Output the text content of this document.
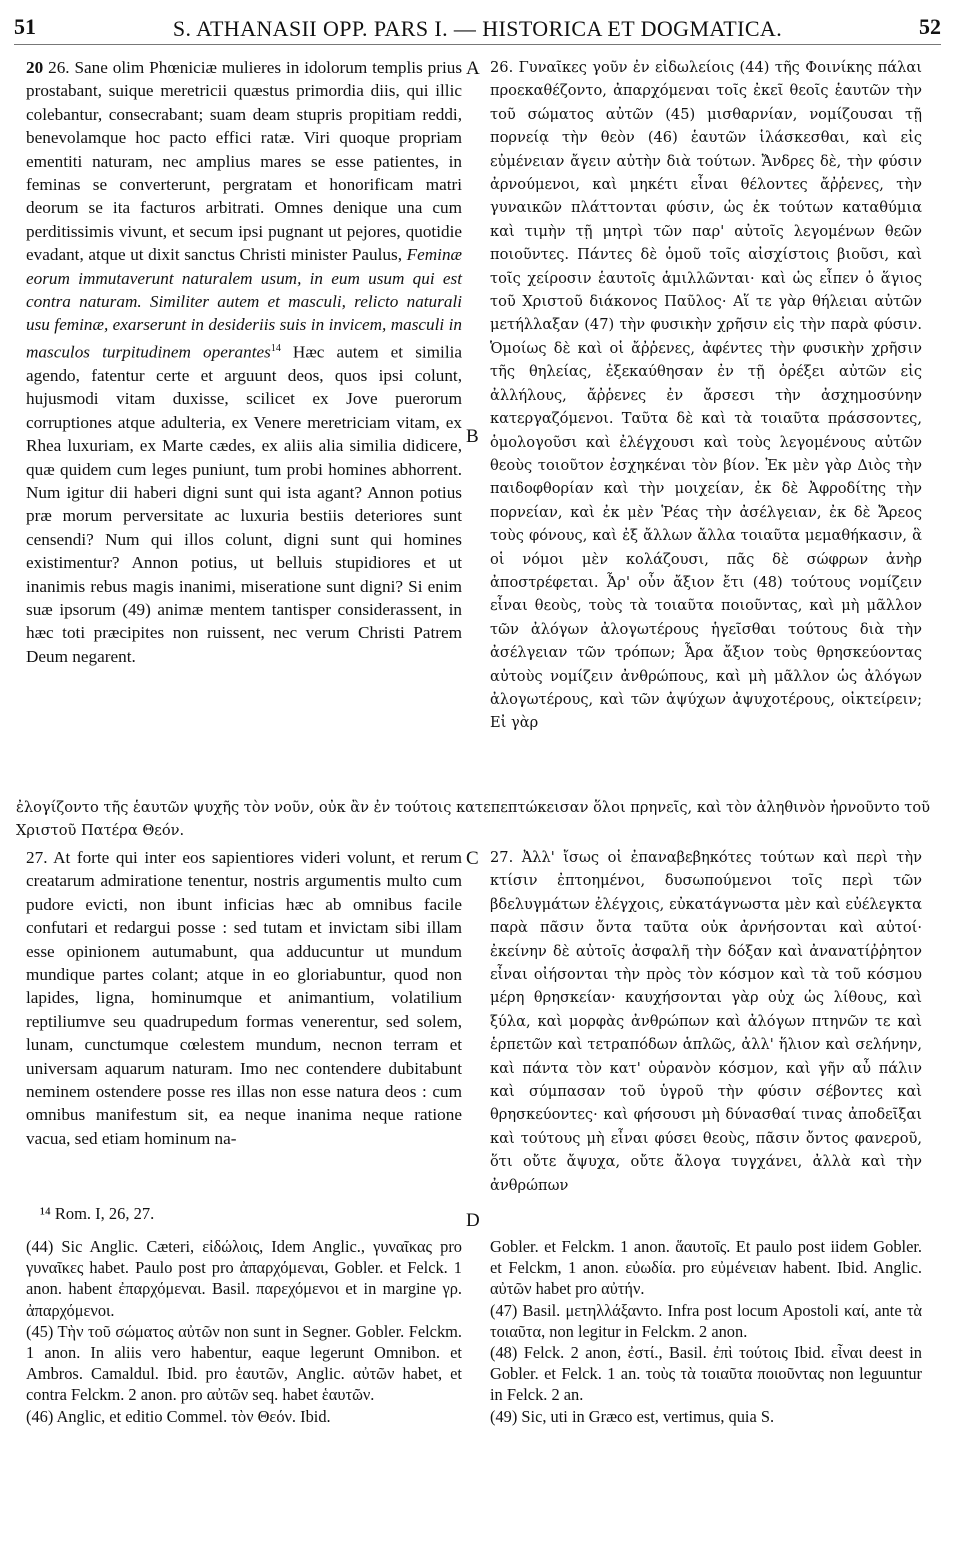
51	S. ATHANASII OPP. PARS I. — HISTORICA ET DOGMATICA.	52
A
B
C
D

20 26. Sane olim Phœniciæ mulieres in idolorum templis prius prostabant, suique meretricii quæstus primordia diis, qui illic colebantur, consecrabant; suam deam stupris propitiam reddi, benevolamque hoc pacto effici ratæ. Viri quoque propriam ementiti naturam, nec amplius mares se esse patientes, in feminas se converterunt, pergratam et honorificam matri deorum se ita facturos arbitrati. Omnes denique una cum perditissimis vivunt, et secum ipsi pugnant ut pejores, quotidie evadant, atque ut dixit sanctus Christi minister Paulus, Feminæ eorum immutaverunt naturalem usum, in eum usum qui est contra naturam. Similiter autem et masculi, relicto naturali usu feminæ, exarserunt in desideriis suis in invicem, masculi in masculos turpitudinem operantes$^{14}$ Hæc autem et similia agendo, fatentur certe et arguunt deos, quos ipsi colunt, hujusmodi vitam duxisse, scilicet ex Jove puerorum corruptiones atque adulteria, ex Venere meretriciam vitam, ex Rhea luxuriam, ex Marte cædes, ex aliis alia similia didicere, quæ quidem cum leges puniunt, tum probi homines abhorrent. Num igitur dii haberi digni sunt qui ista agant? Annon potius præ morum perversitate ac luxuria bestiis deteriores sunt censendi? Num qui illos colunt, digni sunt qui homines existimentur? Annon potius, ut belluis stupidiores et ut inanimis rebus magis inanimi, miseratione sunt digni? Si enim suæ ipsorum (49) animæ mentem tantisper considerassent, in hæc toti præcipites non ruissent, nec verum Christi Patrem Deum negarent.

26. Γυναῖκες γοῦν ἐν εἰδωλείοις (44) τῆς Φοινίκης πάλαι προεκαθέζοντο, ἀπαρχόμεναι τοῖς ἐκεῖ θεοῖς ἑαυτῶν τὴν τοῦ σώματος αὐτῶν (45) μισθαρνίαν, νομίζουσαι τῇ πορνείᾳ τὴν θεὸν (46) ἑαυτῶν ἱλάσκεσθαι, καὶ εἰς εὐμένειαν ἄγειν αὐτὴν διὰ τούτων. Ἄνδρες δὲ, τὴν φύσιν ἀρνούμενοι, καὶ μηκέτι εἶναι θέλοντες ἄῤῥενες, τὴν γυναικῶν πλάττονται φύσιν, ὡς ἐκ τούτων καταθύμια καὶ τιμὴν τῇ μητρὶ τῶν παρ' αὐτοῖς λεγομένων θεῶν ποιοῦντες. Πάντες δὲ ὁμοῦ τοῖς αἰσχίστοις βιοῦσι, καὶ τοῖς χείροσιν ἑαυτοῖς ἁμιλλῶνται· καὶ ὡς εἶπεν ὁ ἅγιος τοῦ Χριστοῦ διάκονος Παῦλος· Αἵ τε γὰρ θήλειαι αὐτῶν μετήλλαξαν (47) τὴν φυσικὴν χρῆσιν εἰς τὴν παρὰ φύσιν. Ὁμοίως δὲ καὶ οἱ ἄῤῥενες, ἀφέντες τὴν φυσικὴν χρῆσιν τῆς θηλείας, ἐξεκαύθησαν ἐν τῇ ὀρέξει αὐτῶν εἰς ἀλλήλους, ἄῤῥενες ἐν ἄρσεσι τὴν ἀσχημοσύνην κατεργαζόμενοι. Ταῦτα δὲ καὶ τὰ τοιαῦτα πράσσοντες, ὁμολογοῦσι καὶ ἐλέγχουσι καὶ τοὺς λεγομένους αὐτῶν θεοὺς τοιοῦτον ἐσχηκέναι τὸν βίον. Ἐκ μὲν γὰρ Διὸς τὴν παιδοφθορίαν καὶ τὴν μοιχείαν, ἐκ δὲ Ἀφροδίτης τὴν πορνείαν, καὶ ἐκ μὲν Ῥέας τὴν ἀσέλγειαν, ἐκ δὲ Ἄρεος τοὺς φόνους, καὶ ἐξ ἄλλων ἄλλα τοιαῦτα μεμαθήκασιν, ἃ οἱ νόμοι μὲν κολάζουσι, πᾶς δὲ σώφρων ἀνὴρ ἀποστρέφεται. Ἆρ' οὖν ἄξιον ἔτι (48) τούτους νομίζειν εἶναι θεοὺς, τοὺς τὰ τοιαῦτα ποιοῦντας, καὶ μὴ μᾶλλον τῶν ἀλόγων ἀλογωτέρους ἡγεῖσθαι τούτους διὰ τὴν ἀσέλγειαν τῶν τρόπων; Ἆρα ἄξιον τοὺς θρησκεύοντας αὐτοὺς νομίζειν ἀνθρώπους, καὶ μὴ μᾶλλον ὡς ἀλόγων ἀλογωτέρους, καὶ τῶν ἀψύχων ἀψυχοτέρους, οἰκτείρειν; Εἰ γὰρ

ἐλογίζοντο τῆς ἑαυτῶν ψυχῆς τὸν νοῦν, οὐκ ἂν ἐν τούτοις κατεπεπτώκεισαν ὅλοι πρηνεῖς, καὶ τὸν ἀληθινὸν ἠρνοῦντο τοῦ Χριστοῦ Πατέρα Θεόν.

27. At forte qui inter eos sapientiores videri volunt, et rerum creatarum admiratione tenentur, nostris argumentis multo cum pudore evicti, non ibunt inficias hæc ab omnibus facile confutari et redargui posse : sed tutam et invictam sibi illam esse opinionem autumabunt, qua adducuntur ut mundum mundique partes colant; atque in eo gloriabuntur, quod non lapides, ligna, hominumque et animantium, volatilium reptiliumve seu quadrupedum formas venerentur, sed solem, lunam, cunctumque cœlestem mundum, necnon terram et universam aquarum naturam. Imo nec contendere dubitabunt neminem ostendere posse res illas non esse natura deos : cum omnibus manifestum sit, ea neque inanima neque ratione vacua, sed etiam hominum na-

27. Ἀλλ' ἴσως οἱ ἐπαναβεβηκότες τούτων καὶ περὶ τὴν κτίσιν ἐπτοημένοι, δυσωπούμενοι τοῖς περὶ τῶν βδελυγμάτων ἐλέγχοις, εὐκατάγνωστα μὲν καὶ εὐέλεγκτα παρὰ πᾶσιν ὄντα ταῦτα οὐκ ἀρνήσονται καὶ αὐτοί· ἐκείνην δὲ αὐτοῖς ἀσφαλῆ τὴν δόξαν καὶ ἀνανατίῤῥητον εἶναι οἰήσονται τὴν πρὸς τὸν κόσμον καὶ τὰ τοῦ κόσμου μέρη θρησκείαν· καυχήσονται γὰρ οὐχ ὡς λίθους, καὶ ξύλα, καὶ μορφὰς ἀνθρώπων καὶ ἀλόγων πτηνῶν τε καὶ ἑρπετῶν καὶ τετραπόδων ἁπλῶς, ἀλλ' ἥλιον καὶ σελήνην, καὶ πάντα τὸν κατ' οὐρανὸν κόσμον, καὶ γῆν αὖ πάλιν καὶ σύμπασαν τοῦ ὑγροῦ τὴν φύσιν σέβοντες καὶ θρησκεύοντες· καὶ φήσουσι μὴ δύνασθαί τινας ἀποδεῖξαι καὶ τούτους μὴ εἶναι φύσει θεοὺς, πᾶσιν ὄντος φανεροῦ, ὅτι οὔτε ἄψυχα, οὔτε ἄλογα τυγχάνει, ἀλλὰ καὶ τὴν ἀνθρώπων

¹⁴ Rom. I, 26, 27.

(44) Sic Anglic. Cæteri, εἰδώλοις, Idem Anglic., γυναῖκας pro γυναῖκες habet. Paulo post pro ἀπαρχόμεναι, Gobler. et Felck. 1 anon. habent ἐπαρχόμεναι. Basil. παρεχόμενοι et in margine γρ. ἀπαρχόμενοι.

(45) Τὴν τοῦ σώματος αὐτῶν non sunt in Segner. Gobler. Felckm. 1 anon. In aliis vero habentur, eaque legerunt Omnibon. et Ambros. Camaldul. Ibid. pro ἑαυτῶν, Anglic. αὐτῶν habet, et contra Felckm. 2 anon. pro αὐτῶν seq. habet ἑαυτῶν.

(46) Anglic, et editio Commel. τὸν Θεόν. Ibid.

Gobler. et Felckm. 1 anon. ἅαυτοῖς. Et paulo post iidem Gobler. et Felckm, 1 anon. εὐωδία. pro εὐμένειαν habent. Ibid. Anglic. αὐτῶν habet pro αὐτήν.

(47) Basil. μετηλλάξαντο. Infra post locum Apostoli καί, ante τὰ τοιαῦτα, non legitur in Felckm. 2 anon.

(48) Felck. 2 anon, ἐστί., Basil. ἐπὶ τούτοις Ibid. εἶναι deest in Gobler. et Felck. 1 an. τοὺς τὰ τοιαῦτα ποιοῦντας non leguuntur in Felck. 2 an.

(49) Sic, uti in Græco est, vertimus, quia S.
